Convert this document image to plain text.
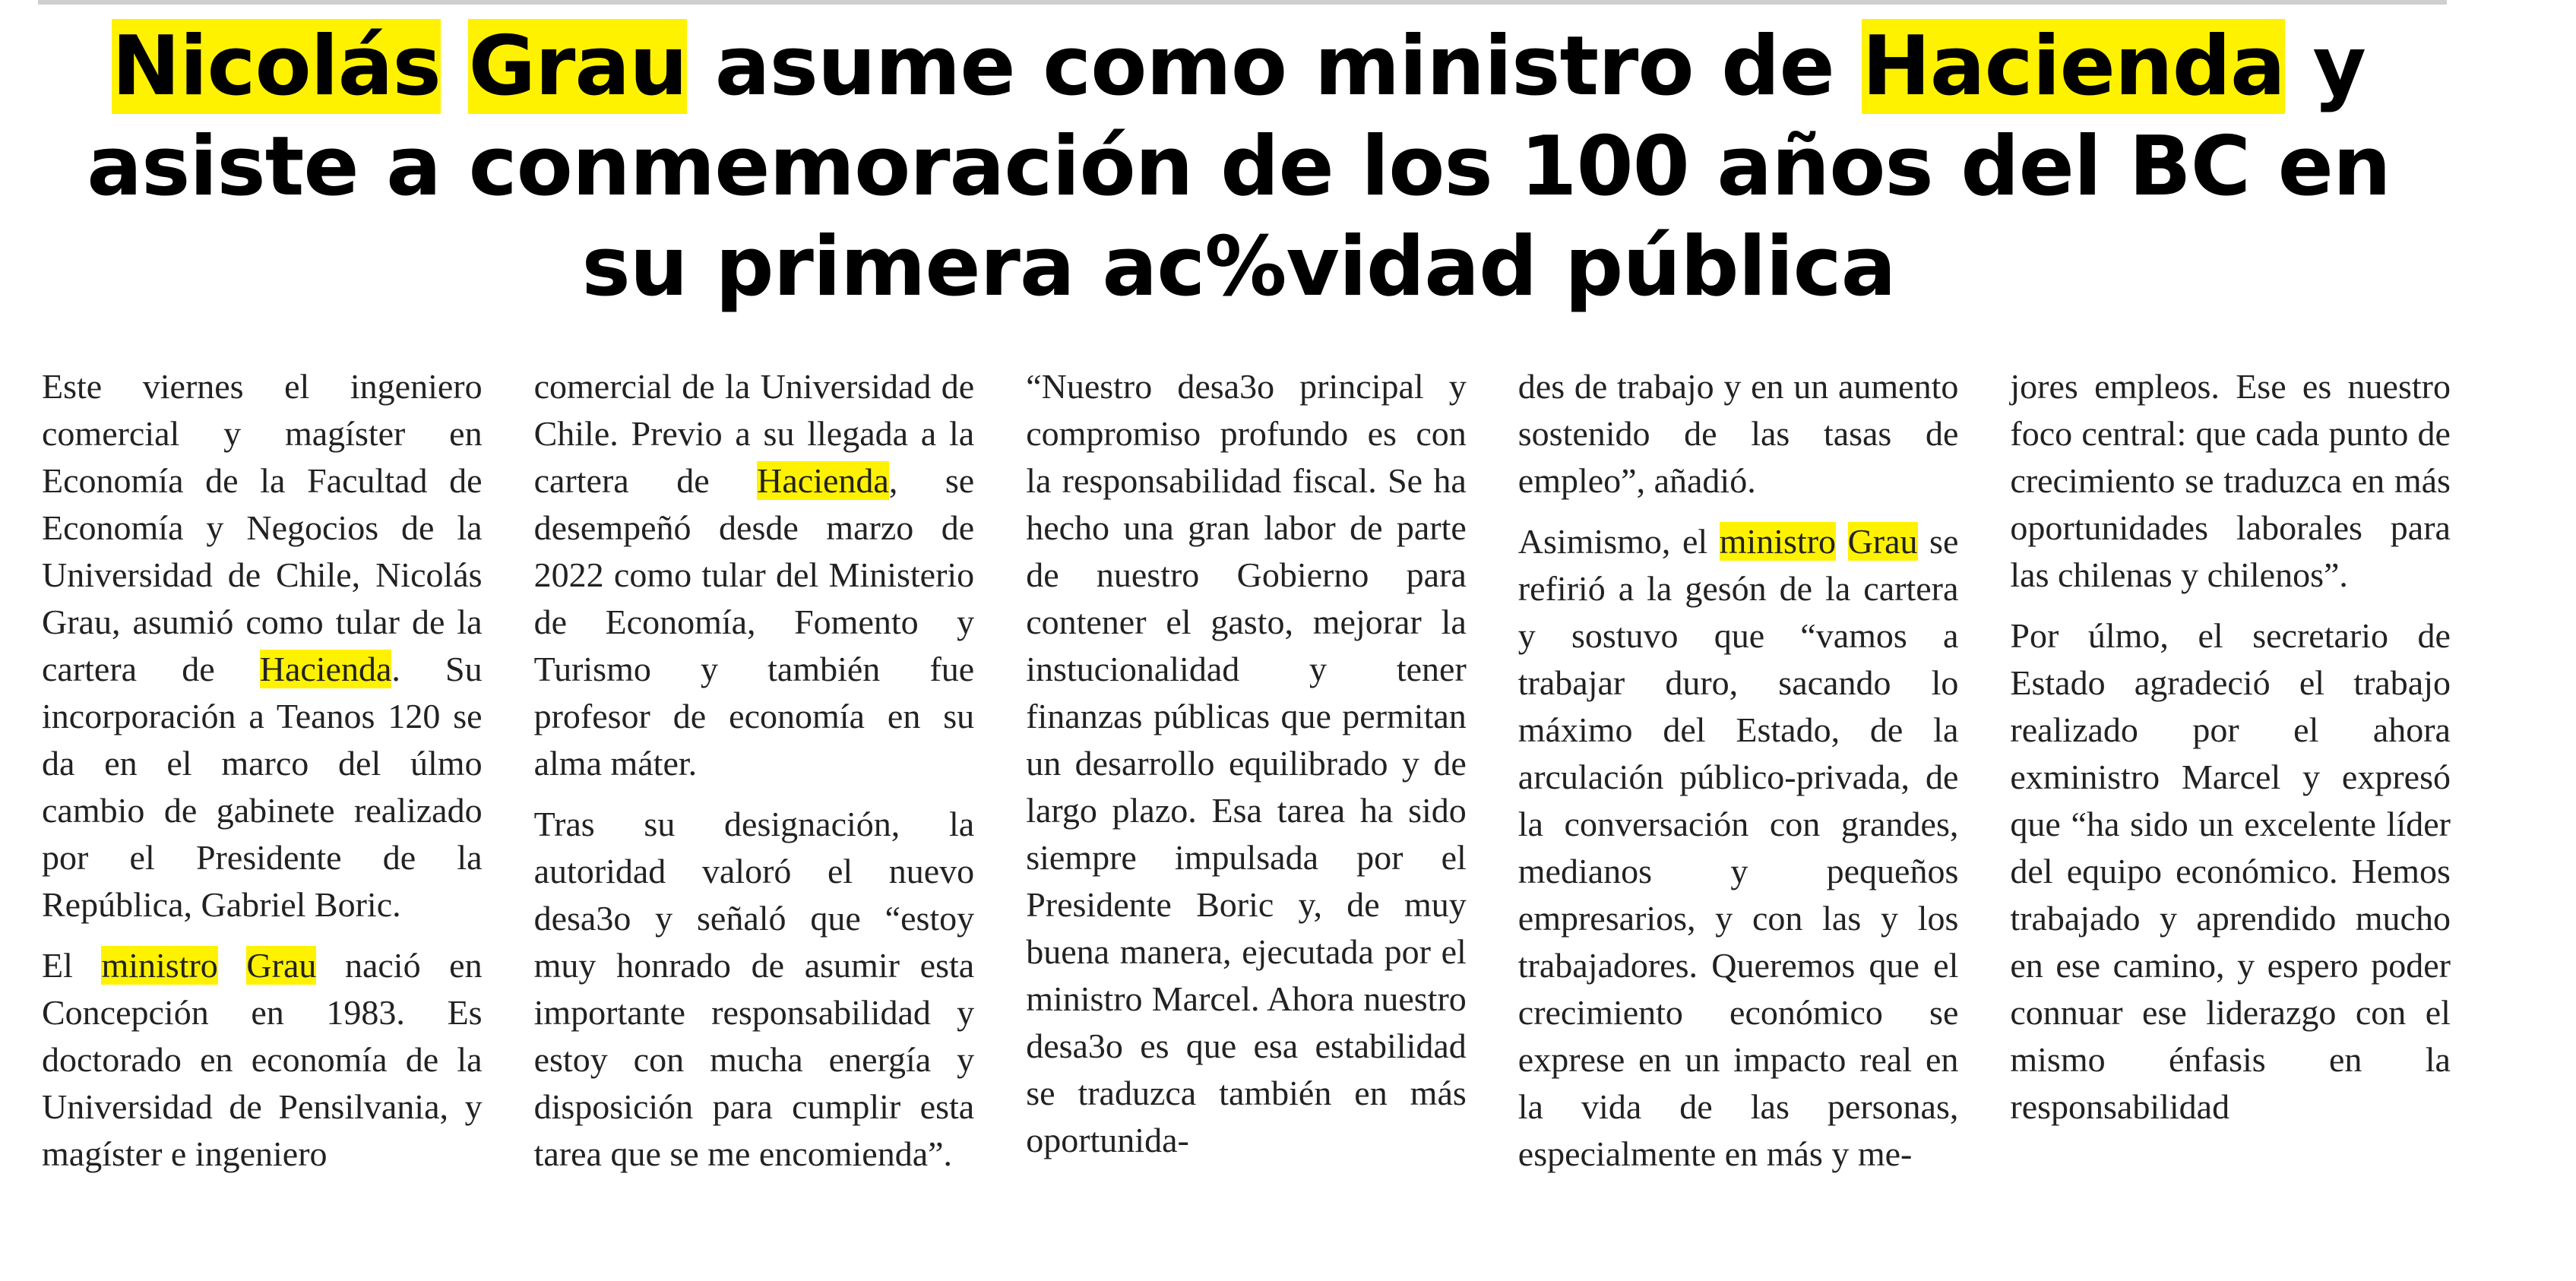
Nicolás Grau asume como ministro de Hacienda y asiste a conmemoración de los 100 años del BC en su primera ac%vidad pública

Este viernes el ingeniero comercial y magíster en Economía de la Facultad de Economía y Negocios de la Universidad de Chile, Nicolás Grau, asumió como tular de la cartera de Hacienda. Su incorporación a Teanos 120 se da en el marco del úlmo cambio de gabinete realizado por el Presidente de la República, Gabriel Boric.

El ministro Grau nació en Concepción en 1983. Es doctorado en economía de la Universidad de Pensilvania, y magíster e ingeniero

comercial de la Universidad de Chile. Previo a su llegada a la cartera de Hacienda, se desempeñó desde marzo de 2022 como tular del Ministerio de Economía, Fomento y Turismo y también fue profesor de economía en su alma máter.

Tras su designación, la autoridad valoró el nuevo desa3o y señaló que “estoy muy honrado de asumir esta importante responsabilidad y estoy con mucha energía y disposición para cumplir esta tarea que se me encomienda”.

“Nuestro desa3o principal y compromiso profundo es con la responsabilidad fiscal. Se ha hecho una gran labor de parte de nuestro Gobierno para contener el gasto, mejorar la instucionalidad y tener finanzas públicas que permitan un desarrollo equilibrado y de largo plazo. Esa tarea ha sido siempre impulsada por el Presidente Boric y, de muy buena manera, ejecutada por el ministro Marcel. Ahora nuestro desa3o es que esa estabilidad se traduzca también en más oportunida-

des de trabajo y en un aumento sostenido de las tasas de empleo”, añadió.

Asimismo, el ministro Grau se refirió a la gesón de la cartera y sostuvo que “vamos a trabajar duro, sacando lo máximo del Estado, de la arculación público-privada, de la conversación con grandes, medianos y pequeños empresarios, y con las y los trabajadores. Queremos que el crecimiento económico se exprese en un impacto real en la vida de las personas, especialmente en más y me-

jores empleos. Ese es nuestro foco central: que cada punto de crecimiento se traduzca en más oportunidades laborales para las chilenas y chilenos”.

Por úlmo, el secretario de Estado agradeció el trabajo realizado por el ahora exministro Marcel y expresó que “ha sido un excelente líder del equipo económico. Hemos trabajado y aprendido mucho en ese camino, y espero poder connuar ese liderazgo con el mismo énfasis en la responsabilidad
